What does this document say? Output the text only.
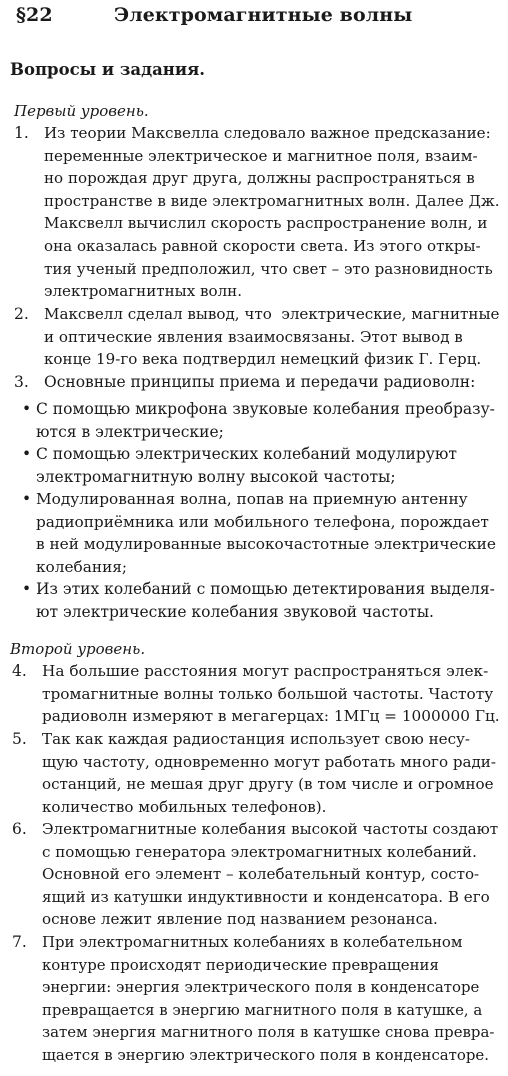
§22	Электромагнитные волны
Вопросы и задания.
Первый уровень.
1. Из теории Максвелла следовало важное предсказание:
переменные электрическое и магнитное поля, взаим-
но порождая друг друга, должны распространяться в
пространстве в виде электромагнитных волн. Далее Дж.
Максвелл вычислил скорость распространение волн, и
она оказалась равной скорости света. Из этого откры-
тия ученый предположил, что свет – это разновидность
электромагнитных волн.
2. Максвелл сделал вывод, что  электрические, магнитные
и оптические явления взаимосвязаны. Этот вывод в
конце 19-го века подтвердил немецкий физик Г. Герц.
3. Основные принципы приема и передачи радиоволн:
• С помощью микрофона звуковые колебания преобразу-
ются в электрические;
• С помощью электрических колебаний модулируют
электромагнитную волну высокой частоты;
• Модулированная волна, попав на приемную антенну
радиоприёмника или мобильного телефона, порождает
в ней модулированные высокочастотные электрические
колебания;
• Из этих колебаний с помощью детектирования выделя-
ют электрические колебания звуковой частоты.
Второй уровень.
4. На большие расстояния могут распространяться элек-
тромагнитные волны только большой частоты. Частоту
радиоволн измеряют в мегагерцах: 1МГц = 1000000 Гц.
5. Так как каждая радиостанция использует свою несу-
щую частоту, одновременно могут работать много ради-
останций, не мешая друг другу (в том числе и огромное
количество мобильных телефонов).
6. Электромагнитные колебания высокой частоты создают
с помощью генератора электромагнитных колебаний.
Основной его элемент – колебательный контур, состо-
ящий из катушки индуктивности и конденсатора. В его
основе лежит явление под названием резонанса.
7. При электромагнитных колебаниях в колебательном
контуре происходят периодические превращения
энергии: энергия электрического поля в конденсаторе
превращается в энергию магнитного поля в катушке, а
затем энергия магнитного поля в катушке снова превра-
щается в энергию электрического поля в конденсаторе.
